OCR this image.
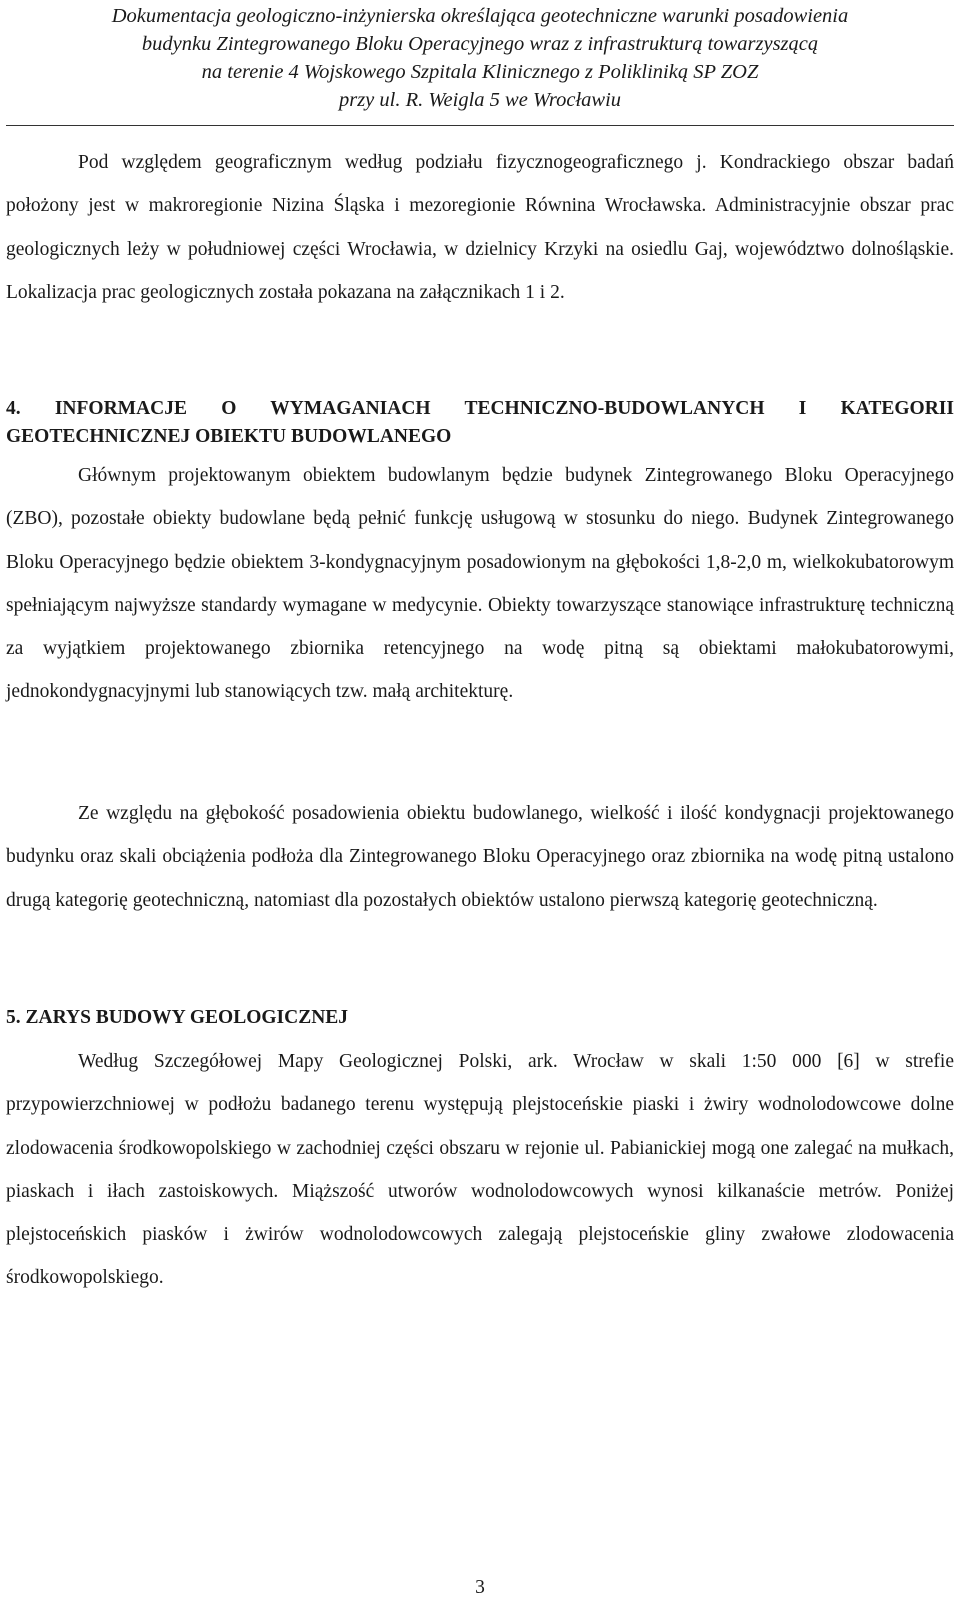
Dokumentacja geologiczno-inżynierska określająca geotechniczne warunki posadowienia
budynku Zintegrowanego Bloku Operacyjnego wraz z infrastrukturą towarzyszącą
na terenie 4 Wojskowego Szpitala Klinicznego z Polikliniką SP ZOZ
przy ul. R. Weigla 5 we Wrocławiu

Pod względem geograficznym według podziału fizycznogeograficznego j. Kondrackiego obszar badań położony jest w makroregionie Nizina Śląska i mezoregionie Równina Wrocławska. Administracyjnie obszar prac geologicznych leży w południowej części Wrocławia, w dzielnicy Krzyki na osiedlu Gaj, województwo dolnośląskie. Lokalizacja prac geologicznych została pokazana na załącznikach 1 i 2.

4. INFORMACJE O WYMAGANIACH TECHNICZNO-BUDOWLANYCH I KATEGORII GEOTECHNICZNEJ OBIEKTU BUDOWLANEGO

Głównym projektowanym obiektem budowlanym będzie budynek Zintegrowanego Bloku Operacyjnego (ZBO), pozostałe obiekty budowlane będą pełnić funkcję usługową w stosunku do niego. Budynek Zintegrowanego Bloku Operacyjnego będzie obiektem 3-kondygnacyjnym posadowionym na głębokości 1,8-2,0 m, wielkokubatorowym spełniającym najwyższe standardy wymagane w medycynie. Obiekty towarzyszące stanowiące infrastrukturę techniczną za wyjątkiem projektowanego zbiornika retencyjnego na wodę pitną są obiektami małokubatorowymi, jednokondygnacyjnymi lub stanowiących tzw. małą architekturę.

Ze względu na głębokość posadowienia obiektu budowlanego, wielkość i ilość kondygnacji projektowanego budynku oraz skali obciążenia podłoża dla Zintegrowanego Bloku Operacyjnego oraz zbiornika na wodę pitną ustalono drugą kategorię geotechniczną, natomiast dla pozostałych obiektów ustalono pierwszą kategorię geotechniczną.

5. ZARYS BUDOWY GEOLOGICZNEJ

Według Szczegółowej Mapy Geologicznej Polski, ark. Wrocław w skali 1:50 000 [6] w strefie przypowierzchniowej w podłożu badanego terenu występują plejstoceńskie piaski i żwiry wodnolodowcowe dolne zlodowacenia środkowopolskiego w zachodniej części obszaru w rejonie ul. Pabianickiej mogą one zalegać na mułkach, piaskach i iłach zastoiskowych. Miąższość utworów wodnolodowcowych wynosi kilkanaście metrów. Poniżej plejstoceńskich piasków i żwirów wodnolodowcowych zalegają plejstoceńskie gliny zwałowe zlodowacenia środkowopolskiego.

3
